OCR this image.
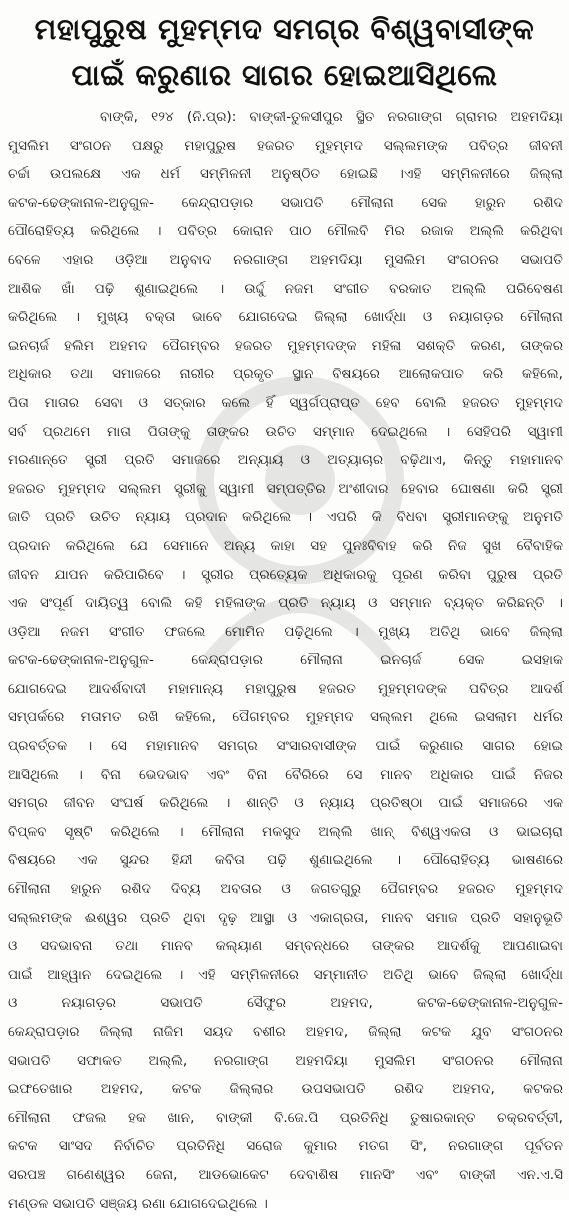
ମହାପୁରୁଷ ମୁହମ୍ମଦ ସମଗ୍ର ବିଶ୍ୱବାସୀଙ୍କ
ପାଇଁ କରୁଣାର ସାଗର ହୋଇଆସିଥିଲେ
ବାଙ୍କି, ୧୨୪ (ନି.ପ୍ର): ବାଙ୍କୀ-ତୁଳସୀପୁର ସ୍ଥିତ ନରଗାଙ୍ଗ ଗ୍ରାମର ଅହମଦିୟା
ମୁସଲିମ ସଂଗଠନ ପକ୍ଷରୁ ମହାପୁରୁଷ ହଜରତ ମୁହମ୍ମଦ ସଲ୍ଲମଙ୍କ ପବିତ୍ର ଜୀବନୀ
ଚର୍ଚ୍ଚା ଉପଲକ୍ଷେ ଏକ ଧର୍ମ ସମ୍ମିଳନୀ ଅନୁଷ୍ଠିତ ହୋଇଛି ।ଏହି ସମ୍ମିଳନୀରେ ଜିଲ୍ଲା
କଟକ-ଢେଙ୍କାନାଳ-ଅନୁଗୁଳ- କେନ୍ଦ୍ରାପଡ଼ାର ସଭାପତି ମୌଲାନା ସେକ ହାରୁନ ରଶିଦ
ପୌରୋହିତ୍ୟ କରିଥିଲେ । ପବିତ୍ର କୋରାନ ପାଠ ମୌଲବି ମିର ରଜାକ ଅଲ୍ଲି କରିଥିବା
ବେଳେ ଏହାର ଓଡ଼ିଆ ଅନୁବାଦ ନରଗାଙ୍ଗ ଅହମଦିୟା ମୁସଲିମ ସଂଗଠନର ସଭାପତି
ଆଶିକ ଖାଁ ପଢ଼ି ଶୁଣାଇଥିଲେ । ଉର୍ଦ୍ଦୁ ନଜମ ସଂଗୀତ ବରକାତ ଅଲ୍ଲି ପରିବେଷଣ
କରିଥିଲେ । ମୁଖ୍ୟ ବକ୍ତା ଭାବେ ଯୋଗଦେଇ ଜିଲ୍ଲା ଖୋର୍ଦ୍ଧା ଓ ନୟାଗଡ଼ର ମୌଲାନା
ଇନଚାର୍ଜ ହଲିମ ଅହମଦ ପୈଗମ୍ବର ହଜରତ ମୁହମ୍ମଦଙ୍କ ମହିଳା ସଶକ୍ତି କରଣ, ତାଙ୍କର
ଅଧିକାର ତଥା ସମାଜରେ ନାରୀର ପ୍ରକୃତ ସ୍ଥାନ ବିଷୟରେ ଆଲୋକପାତ କରି କହିଲେ,
ପିତା ମାତାର ସେବା ଓ ସତ୍କାର କଲେ ହିଁ ସ୍ୱର୍ଗପ୍ରାପ୍ତ ହେବ ବୋଲି ହଜରତ ମୁହମ୍ମଦ
ସର୍ବ ପ୍ରଥମେ ମାତା ପିତାଙ୍କୁ ତାଙ୍କର ଉଚିତ ସମ୍ମାନ ଦେଇଥିଲେ । ସେହିପରି ସ୍ୱାମୀ
ମରଣାନ୍ତେ ସ୍ତ୍ରୀ ପ୍ରତି ସମାଜରେ ଅନ୍ୟାୟ ଓ ଅତ୍ୟାଚାର ବଢ଼ିଥାଏ, କିନ୍ତୁ ମହାମାନବ
ହଜରତ ମୁହମ୍ମଦ ସଲ୍ଲମ ସ୍ତ୍ରୀକୁ ସ୍ୱାମୀ ସମ୍ପତ୍ତିର ଅଂଶୀଦାର ହେବାର ଘୋଷଣା କରି ସ୍ତ୍ରୀ
ଜାତି ପ୍ରତି ଉଚିତ ନ୍ୟାୟ ପ୍ରଦାନ କରିଥିଲେ । ଏପରି କି ବିଧବା ସ୍ତ୍ରୀମାନଙ୍କୁ ଅନୁମତି
ପ୍ରଦାନ କରିଥିଲେ ଯେ ସେମାନେ ଅନ୍ୟ କାହା ସହ ପୁନଃବିବାହ କରି ନିଜ ସୁଖ ବୈବାହିକ
ଜୀବନ ଯାପନ କରିପାରିବେ । ସ୍ତ୍ରୀର ପ୍ରତ୍ୟେକ ଅଧିକାରକୁ ପୂରଣ କରିବା ପୁରୁଷ ପ୍ରତି
ଏକ ସଂପୂର୍ଣ ଦାୟିତ୍ୱ ବୋଲି କହି ମହିଳାଙ୍କ ପ୍ରତି ନ୍ୟାୟ ଓ ସମ୍ମାନ ବ୍ୟକ୍ତ କରିଛନ୍ତି ।
ଓଡ଼ିଆ ନଜମ ସଂଗୀତ ଫଜଲେ ମୋମିନ ପଢ଼ିଥିଲେ । ମୁଖ୍ୟ ଅତିଥି ଭାବେ ଜିଲ୍ଲା
କଟକ-ଢେଙ୍କାନାଳ-ଅନୁଗୁଳ- କେନ୍ଦ୍ରାପଡ଼ାର ମୌଲାନା ଇନଚାର୍ଜ ସେକ ଇସହାକ
ଯୋଗଦେଇ ଆଦର୍ଶବାଦୀ ମହାମାନ୍ୟ ମହାପୁରୁଷ ହଜରତ ମୁହମ୍ମଦଙ୍କ ପବିତ୍ର ଆଦର୍ଶ
ସମ୍ପର୍କରେ ମତାମତ ରଖି କହିଲେ, ପୈଗମ୍ବର ମୁହମ୍ମଦ ସଲ୍ଲମ ଥିଲେ ଇସଲାମ ଧର୍ମର
ପ୍ରବର୍ତ୍ତକ । ସେ ମହାମାନବ ସମଗ୍ର ସଂସାରବାସୀଙ୍କ ପାଇଁ କରୁଣାର ସାଗର ହୋଇ
ଆସିଥିଲେ । ବିନା ଭେଦଭାବ ଏବଂ ବିନା ବୈରିରେ ସେ ମାନବ ଅଧିକାର ପାଇଁ ନିଜର
ସମଗ୍ର ଜୀବନ ସଂଘର୍ଷ କରିଥିଲେ । ଶାନ୍ତି ଓ ନ୍ୟାୟ ପ୍ରତିଷ୍ଠା ପାଇଁ ସମାଜରେ ଏକ
ବିପ୍ଳବ ସୃଷ୍ଟି କରିଥିଲେ । ମୌଲାନା ମକସୁଦ ଅଲ୍ଲି ଖାନ୍ ବିଶ୍ୱଏକତା ଓ ଭାଇଚାରା
ବିଷୟରେ ଏକ ସୁନ୍ଦର ହିନ୍ଦୀ କବିତା ପଢ଼ି ଶୁଣାଇଥିଲେ । ପୌରୋହିତ୍ୟ ଭାଷଣରେ
ମୌଲାନା ହାରୁନ ରଶିଦ ଦିବ୍ୟ ଅବତାର ଓ ଜଗତଗୁରୁ ପୈଗମ୍ବର ହଜରତ ମୁହମ୍ମଦ
ସଲ୍ଲମଙ୍କ ଈଶ୍ୱର ପ୍ରତି ଥିବା ଦୃଢ଼ ଆସ୍ଥା ଓ ଏକାଗ୍ରତା, ମାନବ ସମାଜ ପ୍ରତି ସହାନୁଭୂତି
ଓ ସଦଭାବନା ତଥା ମାନବ କଲ୍ୟାଣ ସମ୍ବନ୍ଧରେ ତାଙ୍କର ଆଦର୍ଶକୁ ଆପଣାଇବା
ପାଇଁ ଆହ୍ୱାନ ଦେଇଥିଲେ । ଏହି ସମ୍ମିଳନୀରେ ସମ୍ମାନୀତ ଅତିଥି ଭାବେ ଜିଲ୍ଲା ଖୋର୍ଦ୍ଧା
ଓ ନୟାଗଡ଼ର ସଭାପତି ସୈଫୁର ଅହମଦ, କଟକ-ଢେଙ୍କାନାଳ-ଅନୁଗୁଳ-
କେନ୍ଦ୍ରାପଡ଼ାର ଜିଲ୍ଲା ନାଜିମ ସୟଦ ବଶୀର ଅହମଦ, ଜିଲ୍ଲା କଟକ ଯୁବ ସଂଗଠନର
ସଭାପତି ସଫାକତ ଅଲ୍ଲି, ନରଗାଙ୍ଗ ଅହମଦିୟା ମୁସଲିମ ସଂଗଠନର ମୌଲାନା
ଇଫତେଖାର ଅହମଦ, କଟକ ଜିଲ୍ଲାର ଉପସଭାପତି ରଶିଦ ଅହମଦ, କଟକର
ମୌଲାନା ଫଜଲ ହକ ଖାନ, ବାଙ୍କୀ ବି.ଜେ.ପି ପ୍ରତିନିଧି ତୁଷାରକାନ୍ତ ଚକ୍ରବର୍ତ୍ତୀ,
କଟକ ସାଂସଦ ନିର୍ବାଚିତ ପ୍ରତିନିଧି ସରୋଜ କୁମାର ମତଗ ସିଂ, ନରଗାଙ୍ଗ ପୂର୍ବତନ
ସରପଞ୍ଚ ଗଣେଶ୍ୱର ଜେନା, ଆଡଭୋକେଟ ଦେବାଶିଷ ମାନସିଂ ଏବଂ ବାଙ୍କୀ ଏନ.ଏ.ସି
ମଣ୍ଡଳ ସଭାପତି ସଞ୍ଜୟ ରଣା ଯୋଗଦେଇଥିଲେ ।
